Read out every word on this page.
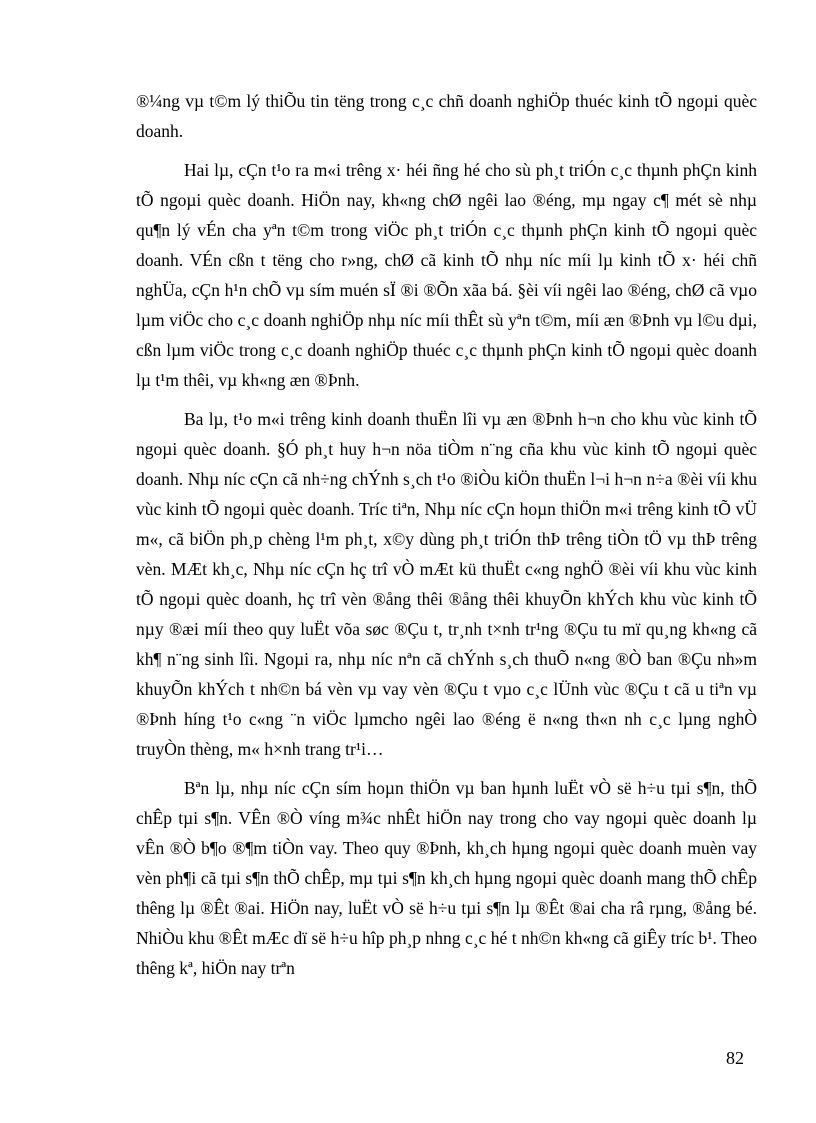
®¼ng vµ t©m lý thiÕu tin tëng trong c¸c chñ doanh nghiÖp thuéc kinh tÕ ngoµi quèc doanh.

Hai lµ, cÇn t¹o ra m«i trêng x· héi ñng hé cho sù ph¸t triÓn c¸c thµnh phÇn kinh tÕ ngoµi quèc doanh. HiÖn nay, kh«ng chØ ngêi lao ®éng, mµ ngay c¶ mét sè nhµ qu¶n lý vÉn cha yªn t©m trong viÖc ph¸t triÓn c¸c thµnh phÇn kinh tÕ ngoµi quèc doanh. VÉn cßn t tëng cho r»ng, chØ cã kinh tÕ nhµ níc míi lµ kinh tÕ x· héi chñ nghÜa, cÇn h¹n chÕ vµ sím muén sÏ ®i ®Õn xãa bá. §èi víi ngêi lao ®éng, chØ cã vµo lµm viÖc cho c¸c doanh nghiÖp nhµ níc míi thÊt sù yªn t©m, míi æn ®Þnh vµ l©u dµi, cßn lµm viÖc trong c¸c doanh nghiÖp thuéc c¸c thµnh phÇn kinh tÕ ngoµi quèc doanh lµ t¹m thêi, vµ kh«ng æn ®Þnh.

Ba lµ, t¹o m«i trêng kinh doanh thuËn lîi vµ æn ®Þnh h¬n cho khu vùc kinh tÕ ngoµi quèc doanh. §Ó ph¸t huy h¬n nöa tiÒm n¨ng cña khu vùc kinh tÕ ngoµi quèc doanh. Nhµ níc cÇn cã nh÷ng chÝnh s¸ch t¹o ®iÒu kiÖn thuËn l¬i h¬n n÷a ®èi víi khu vùc kinh tÕ ngoµi quèc doanh. Tríc tiªn, Nhµ níc cÇn hoµn thiÖn m«i trêng kinh tÕ vÜ m«, cã biÖn ph¸p chèng l¹m ph¸t, x©y dùng ph¸t triÓn thÞ trêng tiÒn tÖ vµ thÞ trêng vèn. MÆt kh¸c, Nhµ níc cÇn hç trî vÒ mÆt kü thuËt c«ng nghÖ ®èi víi khu vùc kinh tÕ ngoµi quèc doanh, hç trî vèn ®ång thêi ®ång thêi khuyÕn khÝch khu vùc kinh tÕ nµy ®æi míi theo quy luËt võa søc ®Çu t, tr¸nh t×nh tr¹ng ®Çu tu mï qu¸ng kh«ng cã kh¶ n¨ng sinh lîi. Ngoµi ra, nhµ níc nªn cã chÝnh s¸ch thuÕ n«ng ®Ò ban ®Çu nh»m khuyÕn khÝch t nh©n bá vèn vµ vay vèn ®Çu t vµo c¸c lÜnh vùc ®Çu t cã u tiªn vµ ®Þnh híng t¹o c«ng ¨n viÖc lµmcho ngêi lao ®éng ë n«ng th«n nh c¸c lµng nghÒ truyÒn thèng, m« h×nh trang tr¹i…

Bªn lµ, nhµ níc cÇn sím hoµn thiÖn vµ ban hµnh luËt vÒ së h÷u tµi s¶n, thÕ chÊp tµi s¶n. VÊn ®Ò víng m¾c nhÊt hiÖn nay trong cho vay ngoµi quèc doanh lµ vÊn ®Ò b¶o ®¶m tiÒn vay. Theo quy ®Þnh, kh¸ch hµng ngoµi quèc doanh muèn vay vèn ph¶i cã tµi s¶n thÕ chÊp, mµ tµi s¶n kh¸ch hµng ngoµi quèc doanh mang thÕ chÊp thêng lµ ®Êt ®ai. HiÖn nay, luËt vÒ së h÷u tµi s¶n lµ ®Êt ®ai cha râ rµng, ®ång bé. NhiÒu khu ®Êt mÆc dï së h÷u hîp ph¸p nhng c¸c hé t nh©n kh«ng cã giÊy tríc b¹. Theo thêng kª, hiÖn nay trªn

82
